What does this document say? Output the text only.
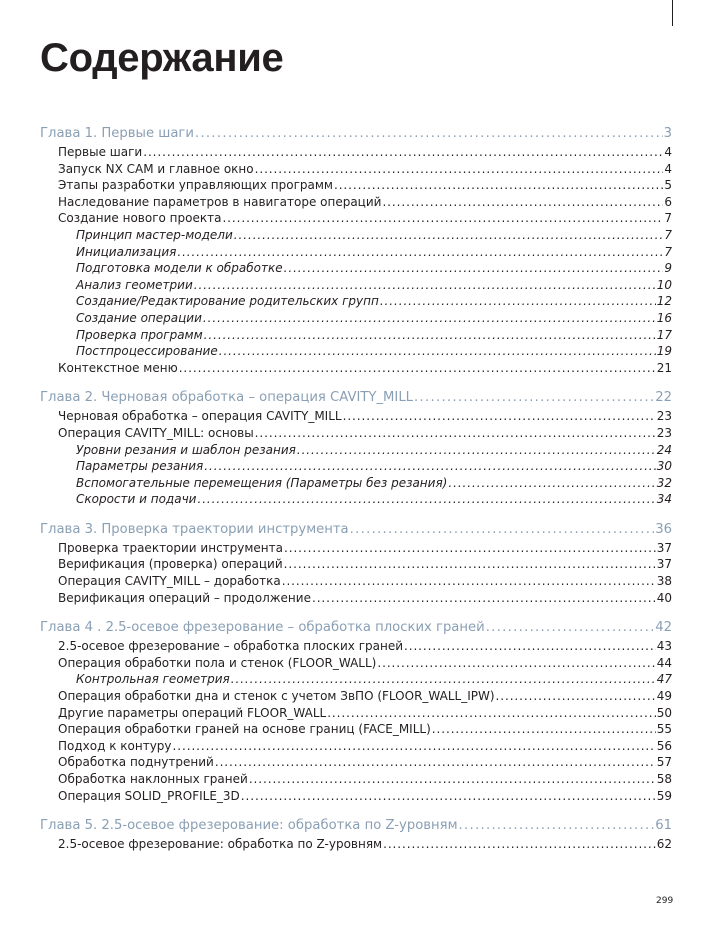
Содержание
Глава 1. Первые шаги . . .	3
Первые шаги . . .	4
Запуск NX CAM и главное окно . . .	4
Этапы разработки управляющих программ . . .	5
Наследование параметров в навигаторе операций . . .	6
Создание нового проекта . . .	7
Принцип мастер-модели . . .	7
Инициализация . . .	7
Подготовка модели к обработке . . .	9
Анализ геометрии . . .	10
Создание/Редактирование родительских групп . . .	12
Создание операции . . .	16
Проверка программ . . .	17
Постпроцессирование . . .	19
Контекстное меню . . .	21
Глава 2. Черновая обработка – операция CAVITY_MILL . . .	22
Черновая обработка – операция CAVITY_MILL . . .	23
Операция CAVITY_MILL: основы . . .	23
Уровни резания и шаблон резания . . .	24
Параметры резания . . .	30
Вспомогательные перемещения (Параметры без резания) . . .	32
Скорости и подачи . . .	34
Глава 3. Проверка траектории инструмента . . .	36
Проверка траектории инструмента . . .	37
Верификация (проверка) операций . . .	37
Операция CAVITY_MILL – доработка . . .	38
Верификация операций – продолжение . . .	40
Глава 4 . 2.5-осевое фрезерование – обработка плоских граней . . .	42
2.5-осевое фрезерование – обработка плоских граней . . .	43
Операция обработки пола и стенок (FLOOR_WALL) . . .	44
Контрольная геометрия . . .	47
Операция обработки дна и стенок с учетом ЗвПО (FLOOR_WALL_IPW) . . .	49
Другие параметры операций FLOOR_WALL . . .	50
Операция обработки граней на основе границ (FACE_MILL) . . .	55
Подход к контуру . . .	56
Обработка поднутрений . . .	57
Обработка наклонных граней . . .	58
Операция SOLID_PROFILE_3D . . .	59
Глава 5. 2.5-осевое фрезерование: обработка по Z-уровням . . .	61
2.5-осевое фрезерование: обработка по Z-уровням . . .	62
299
